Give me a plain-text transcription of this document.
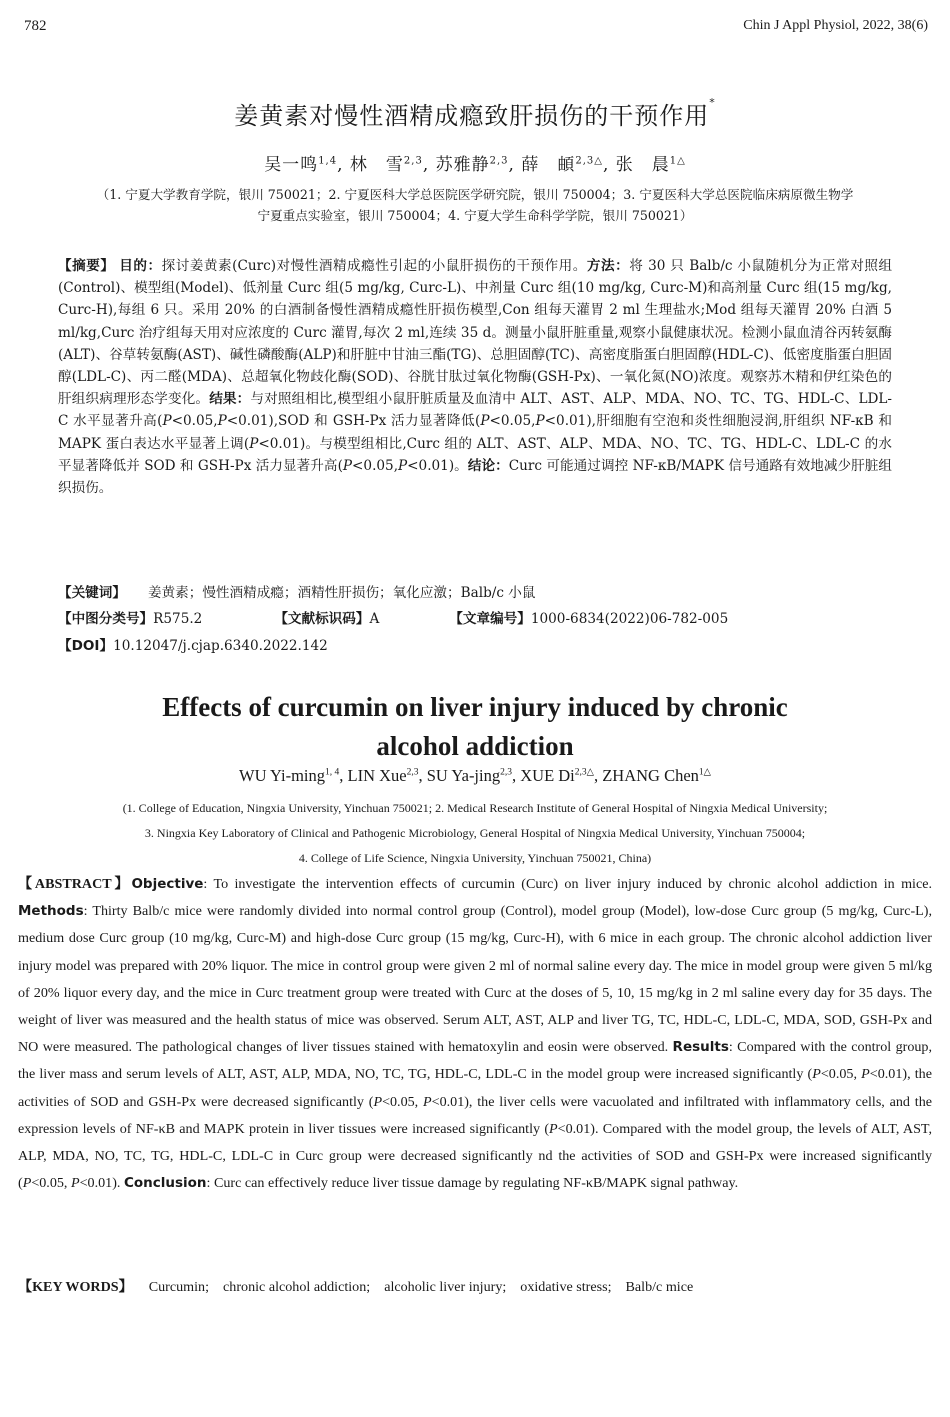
782	Chin J Appl Physiol, 2022, 38(6)
姜黄素对慢性酒精成瘾致肝损伤的干预作用*
吴一鸣$^{1,4}$, 林　雪$^{2,3}$, 苏雅静$^{2,3}$, 薛　頔$^{2,3\triangle}$, 张　晨$^{1\triangle}$
（1. 宁夏大学教育学院，银川 750021；2. 宁夏医科大学总医院医学研究院，银川 750004；3. 宁夏医科大学总医院临床病原微生物学
宁夏重点实验室，银川 750004；4. 宁夏大学生命科学学院，银川 750021）
【摘要】 目的：探讨姜黄素(Curc)对慢性酒精成瘾性引起的小鼠肝损伤的干预作用。方法：将 30 只 Balb/c 小鼠随机分为正常对照组(Control)、模型组(Model)、低剂量 Curc 组(5 mg/kg, Curc-L)、中剂量 Curc 组(10 mg/kg, Curc-M)和高剂量 Curc 组(15 mg/kg, Curc-H),每组 6 只。采用 20% 的白酒制备慢性酒精成瘾性肝损伤模型,Con 组每天灌胃 2 ml 生理盐水;Mod 组每天灌胃 20% 白酒 5 ml/kg,Curc 治疗组每天用对应浓度的 Curc 灌胃,每次 2 ml,连续 35 d。测量小鼠肝脏重量,观察小鼠健康状况。检测小鼠血清谷丙转氨酶(ALT)、谷草转氨酶(AST)、碱性磷酸酶(ALP)和肝脏中甘油三酯(TG)、总胆固醇(TC)、高密度脂蛋白胆固醇(HDL-C)、低密度脂蛋白胆固醇(LDL-C)、丙二醛(MDA)、总超氧化物歧化酶(SOD)、谷胱甘肽过氧化物酶(GSH-Px)、一氧化氮(NO)浓度。观察苏木精和伊红染色的肝组织病理形态学变化。结果：与对照组相比,模型组小鼠肝脏质量及血清中 ALT、AST、ALP、MDA、NO、TC、TG、HDL-C、LDL-C 水平显著升高(P<0.05,P<0.01),SOD 和 GSH-Px 活力显著降低(P<0.05,P<0.01),肝细胞有空泡和炎性细胞浸润,肝组织 NF-κB 和 MAPK 蛋白表达水平显著上调(P<0.01)。与模型组相比,Curc 组的 ALT、AST、ALP、MDA、NO、TC、TG、HDL-C、LDL-C 的水平显著降低并 SOD 和 GSH-Px 活力显著升高(P<0.05,P<0.01)。结论：Curc 可能通过调控 NF-κB/MAPK 信号通路有效地减少肝脏组织损伤。
【关键词】 姜黄素；慢性酒精成瘾；酒精性肝损伤；氧化应激；Balb/c 小鼠
【中图分类号】R575.2	【文献标识码】A	【文章编号】1000-6834(2022)06-782-005
【DOI】10.12047/j.cjap.6340.2022.142
Effects of curcumin on liver injury induced by chronic
alcohol addiction
WU Yi-ming$^{1, 4}$, LIN Xue$^{2,3}$, SU Ya-jing$^{2,3}$, XUE $Di^{2,3\triangle}$, ZHANG Chen$^{1\triangle}$
(1. College of Education, Ningxia University, Yinchuan 750021; 2. Medical Research Institute of General Hospital of Ningxia Medical University;
3. Ningxia Key Laboratory of Clinical and Pathogenic Microbiology, General Hospital of Ningxia Medical University, Yinchuan 750004;
4. College of Life Science, Ningxia University, Yinchuan 750021, China)
【ABSTRACT】Objective: To investigate the intervention effects of curcumin (Curc) on liver injury induced by chronic alcohol addiction in mice. Methods: Thirty Balb/c mice were randomly divided into normal control group (Control), model group (Model), low-dose Curc group (5 mg/kg, Curc-L), medium dose Curc group (10 mg/kg, Curc-M) and high-dose Curc group (15 mg/kg, Curc-H), with 6 mice in each group. The chronic alcohol addiction liver injury model was prepared with 20% liquor. The mice in control group were given 2 ml of normal saline every day. The mice in model group were given 5 ml/kg of 20% liquor every day, and the mice in Curc treatment group were treated with Curc at the doses of 5, 10, 15 mg/kg in 2 ml saline every day for 35 days. The weight of liver was measured and the health status of mice was observed. Serum ALT, AST, ALP and liver TG, TC, HDL-C, LDL-C, MDA, SOD, GSH-Px and NO were measured. The pathological changes of liver tissues stained with hematoxylin and eosin were observed. Results: Compared with the control group, the liver mass and serum levels of ALT, AST, ALP, MDA, NO, TC, TG, HDL-C, LDL-C in the model group were increased significantly (P<0.05, P<0.01), the activities of SOD and GSH-Px were decreased significantly (P<0.05, P<0.01), the liver cells were vacuolated and infiltrated with inflammatory cells, and the expression levels of NF-κB and MAPK protein in liver tissues were increased significantly (P<0.01). Compared with the model group, the levels of ALT, AST, ALP, MDA, NO, TC, TG, HDL-C, LDL-C in Curc group were decreased significantly nd the activities of SOD and GSH-Px were increased significantly (P<0.05, P<0.01). Conclusion: Curc can effectively reduce liver tissue damage by regulating NF-κB/MAPK signal pathway.
【KEY WORDS】 Curcumin; chronic alcohol addiction; alcoholic liver injury; oxidative stress; Balb/c mice
